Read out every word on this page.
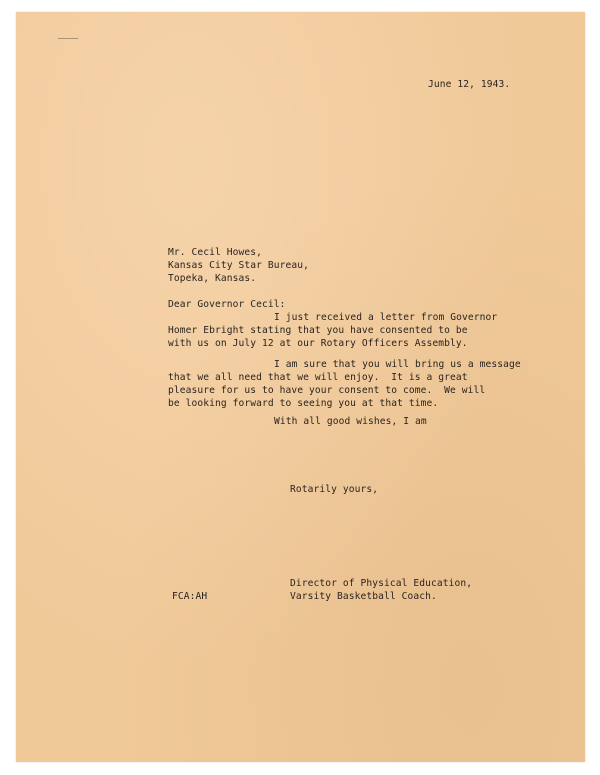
June 12, 1943.
Mr. Cecil Howes,
Kansas City Star Bureau,
Topeka, Kansas.
Dear Governor Cecil:
I just received a letter from Governor
Homer Ebright stating that you have consented to be
with us on July 12 at our Rotary Officers Assembly.
I am sure that you will bring us a message
that we all need that we will enjoy.  It is a great
pleasure for us to have your consent to come.  We will
be looking forward to seeing you at that time.
With all good wishes, I am
Rotarily yours,
FCA:AH
Director of Physical Education,
Varsity Basketball Coach.
